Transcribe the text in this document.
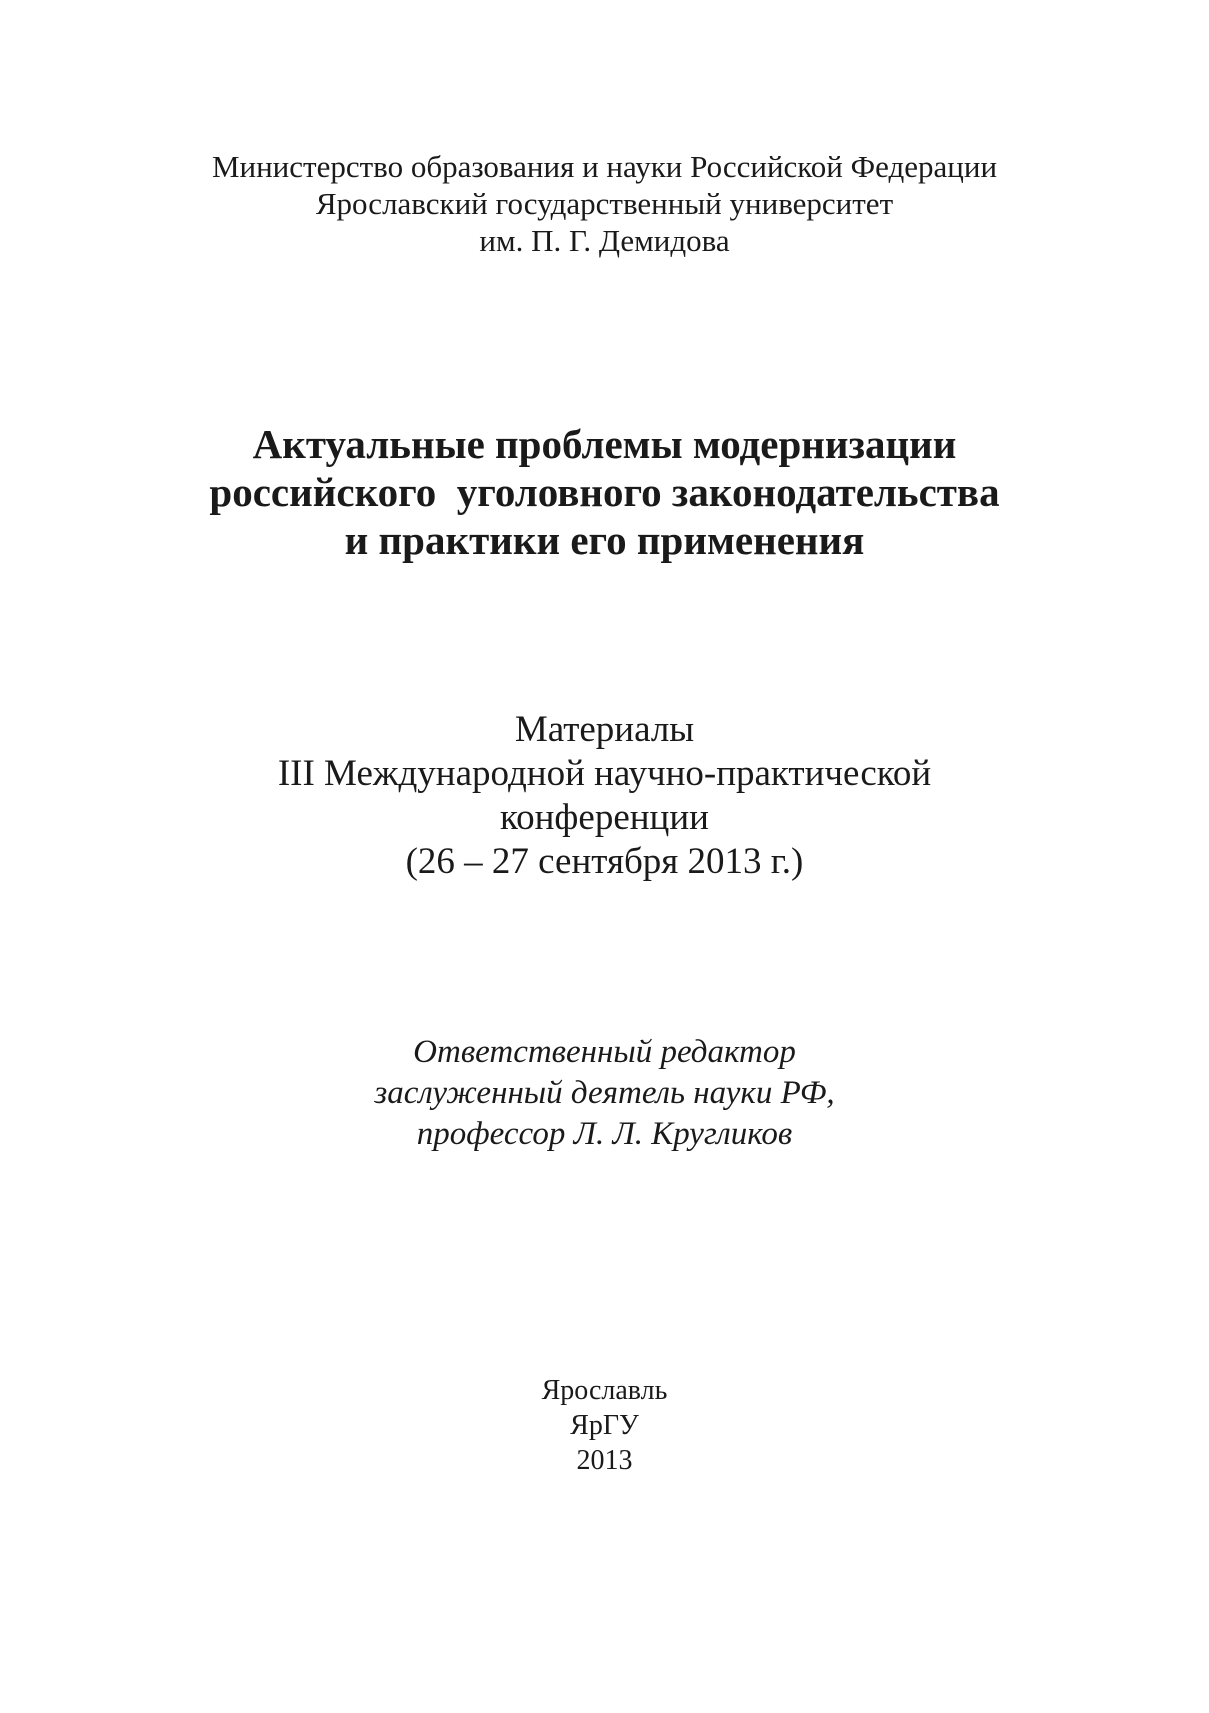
Министерство образования и науки Российской Федерации
Ярославский государственный университет
им. П. Г. Демидова
Актуальные проблемы модернизации
российского  уголовного законодательства
и практики его применения
Материалы
III Международной научно-практической
конференции
(26 – 27 сентября 2013 г.)
Ответственный редактор
заслуженный деятель науки РФ,
профессор Л. Л. Кругликов
Ярославль
ЯрГУ
2013
